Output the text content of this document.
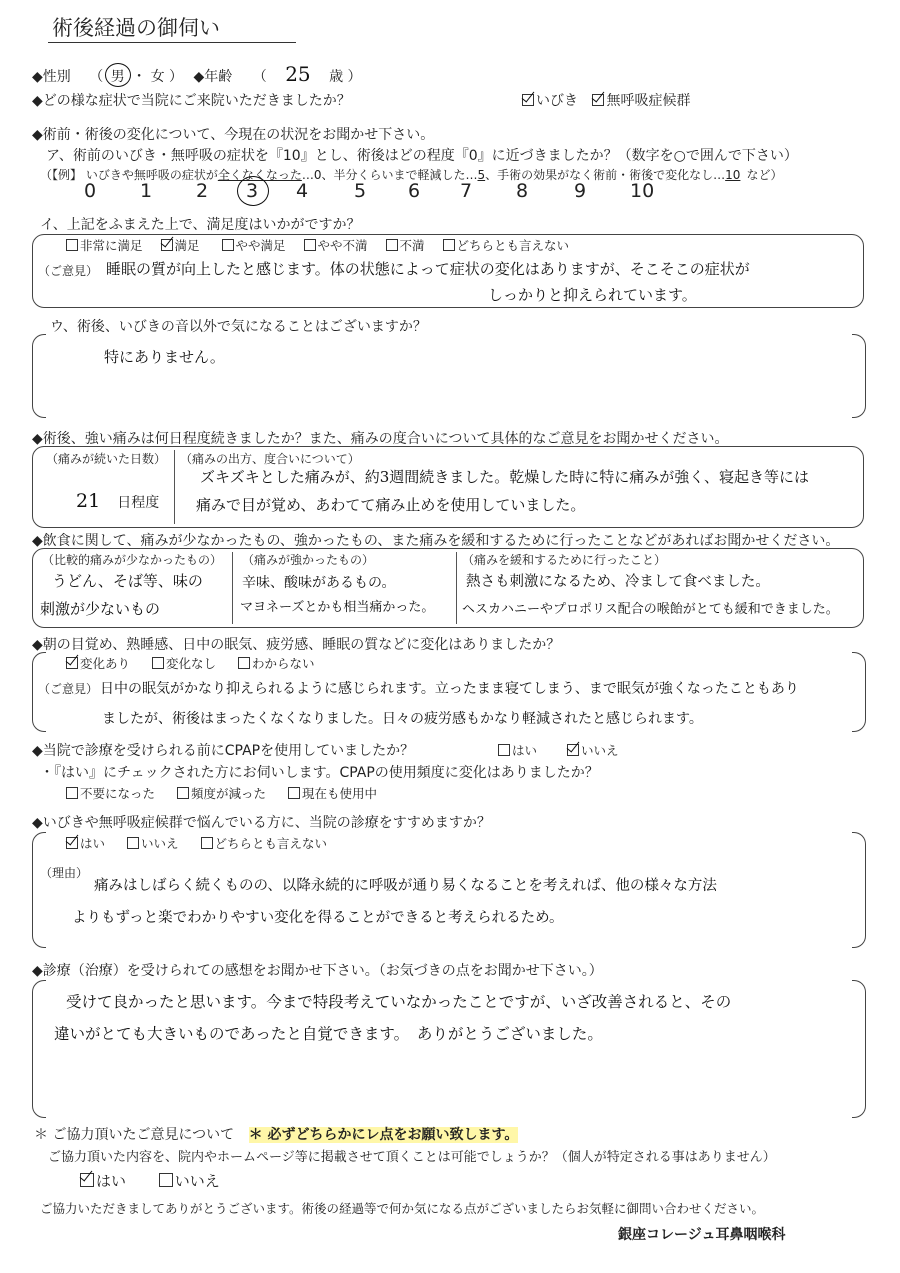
術後経過の御伺い
◆性別 （ 男 ・ 女 ） ◆年齢 （ 25 歳 ）
◆どの様な症状で当院にご来院いただきましたか？	いびき 無呼吸症候群
◆術前・術後の変化について、今現在の状況をお聞かせ下さい。
ア、術前のいびき・無呼吸の症状を『10』とし、術後はどの程度『0』に近づきましたか？（数字を○で囲んで下さい）
（【例】 いびきや無呼吸の症状が全くなくなった…0、半分くらいまで軽減した…5、手術の効果がなく術前・術後で変化なし…10 など）
0 1 2 3 4 5 6 7 8 9 10
イ、上記をふまえた上で、満足度はいかがですか？
非常に満足	満足	やや満足	やや不満	不満	どちらとも言えない
（ご意見） 睡眠の質が向上したと感じます。体の状態によって症状の変化はありますが、そこそこの症状が
しっかりと抑えられています。
ウ、術後、いびきの音以外で気になることはございますか？
特にありません。
◆術後、強い痛みは何日程度続きましたか？また、痛みの度合いについて具体的なご意見をお聞かせください。
（痛みが続いた日数）
21 日程度
（痛みの出方、度合いについて）
ズキズキとした痛みが、約3週間続きました。乾燥した時に特に痛みが強く、寝起き等には
痛みで目が覚め、あわてて痛み止めを使用していました。
◆飲食に関して、痛みが少なかったもの、強かったもの、また痛みを緩和するために行ったことなどがあればお聞かせください。
（比較的痛みが少なかったもの）
うどん、そば等、味の
刺激が少ないもの
（痛みが強かったもの）
辛味、酸味があるもの。
マヨネーズとかも相当痛かった。
（痛みを緩和するために行ったこと）
熱さも刺激になるため、冷まして食べました。
ヘスカハニーやプロポリス配合の喉飴がとても緩和できました。
◆朝の目覚め、熟睡感、日中の眠気、疲労感、睡眠の質などに変化はありましたか？
変化あり	変化なし	わからない
（ご意見） 日中の眠気がかなり抑えられるように感じられます。立ったまま寝てしまう、まで眠気が強くなったこともあり
ましたが、術後はまったくなくなりました。日々の疲労感もかなり軽減されたと感じられます。
◆当院で診療を受けられる前にCPAPを使用していましたか？	はい	いいえ
・『はい』にチェックされた方にお伺いします。CPAPの使用頻度に変化はありましたか？
不要になった	頻度が減った	現在も使用中
◆いびきや無呼吸症候群で悩んでいる方に、当院の診療をすすめますか？
はい	いいえ	どちらとも言えない
（理由）
痛みはしばらく続くものの、以降永続的に呼吸が通り易くなることを考えれば、他の様々な方法
よりもずっと楽でわかりやすい変化を得ることができると考えられるため。
◆診療（治療）を受けられての感想をお聞かせ下さい。（お気づきの点をお聞かせ下さい。）
受けて良かったと思います。今まで特段考えていなかったことですが、いざ改善されると、その
違いがとても大きいものであったと自覚できます。　ありがとうございました。
＊ ご協力頂いたご意見について ＊ 必ずどちらかにレ点をお願い致します。
ご協力頂いた内容を、院内やホームページ等に掲載させて頂くことは可能でしょうか？（個人が特定される事はありません）
はい	いいえ
ご協力いただきましてありがとうございます。術後の経過等で何か気になる点がございましたらお気軽に御問い合わせください。
銀座コレージュ耳鼻咽喉科
